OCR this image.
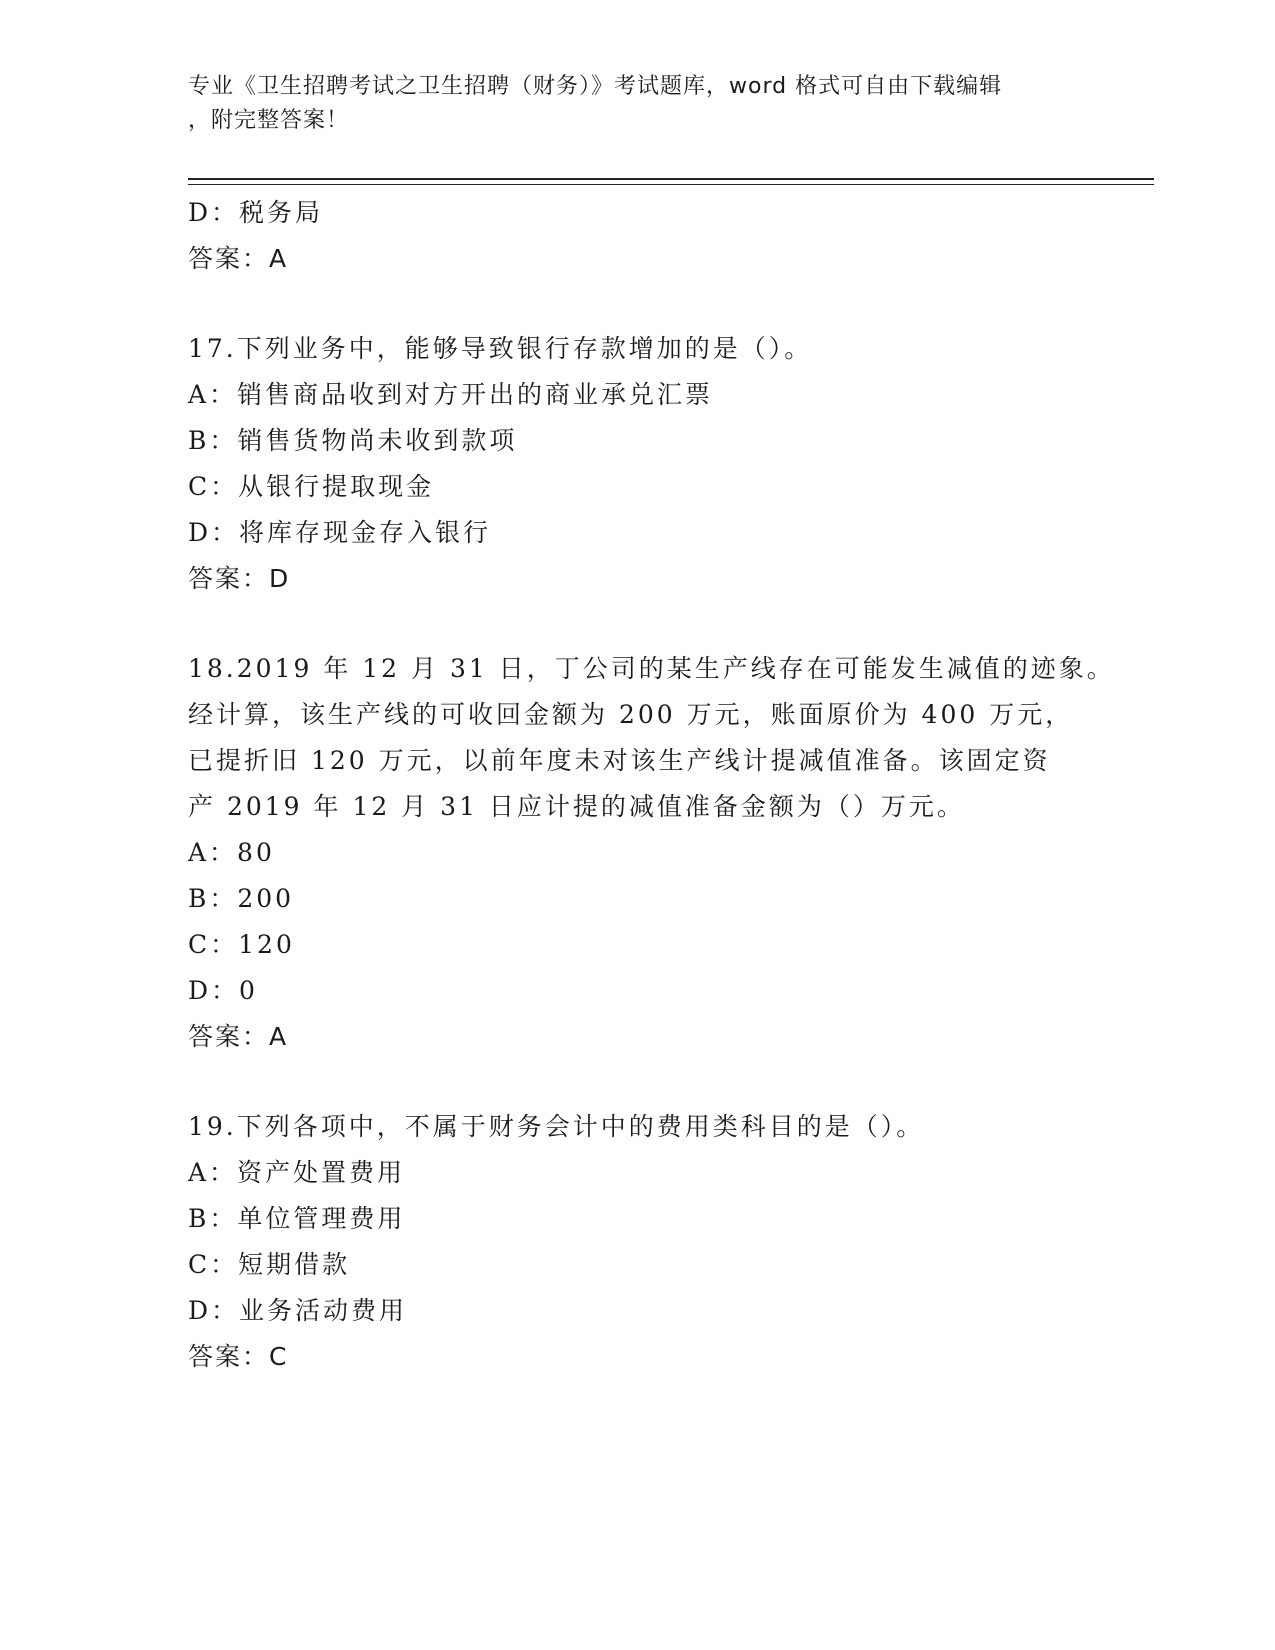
专业《卫生招聘考试之卫生招聘（财务）》考试题库，word 格式可自由下载编辑
，附完整答案！
D：税务局
答案：A
17.下列业务中，能够导致银行存款增加的是（）。
A：销售商品收到对方开出的商业承兑汇票
B：销售货物尚未收到款项
C：从银行提取现金
D：将库存现金存入银行
答案：D
18.2019 年 12 月 31 日，丁公司的某生产线存在可能发生减值的迹象。
经计算，该生产线的可收回金额为 200 万元，账面原价为 400 万元，
已提折旧 120 万元，以前年度未对该生产线计提减值准备。该固定资
产 2019 年 12 月 31 日应计提的减值准备金额为（）万元。
A：80
B：200
C：120
D：0
答案：A
19.下列各项中，不属于财务会计中的费用类科目的是（）。
A：资产处置费用
B：单位管理费用
C：短期借款
D：业务活动费用
答案：C
